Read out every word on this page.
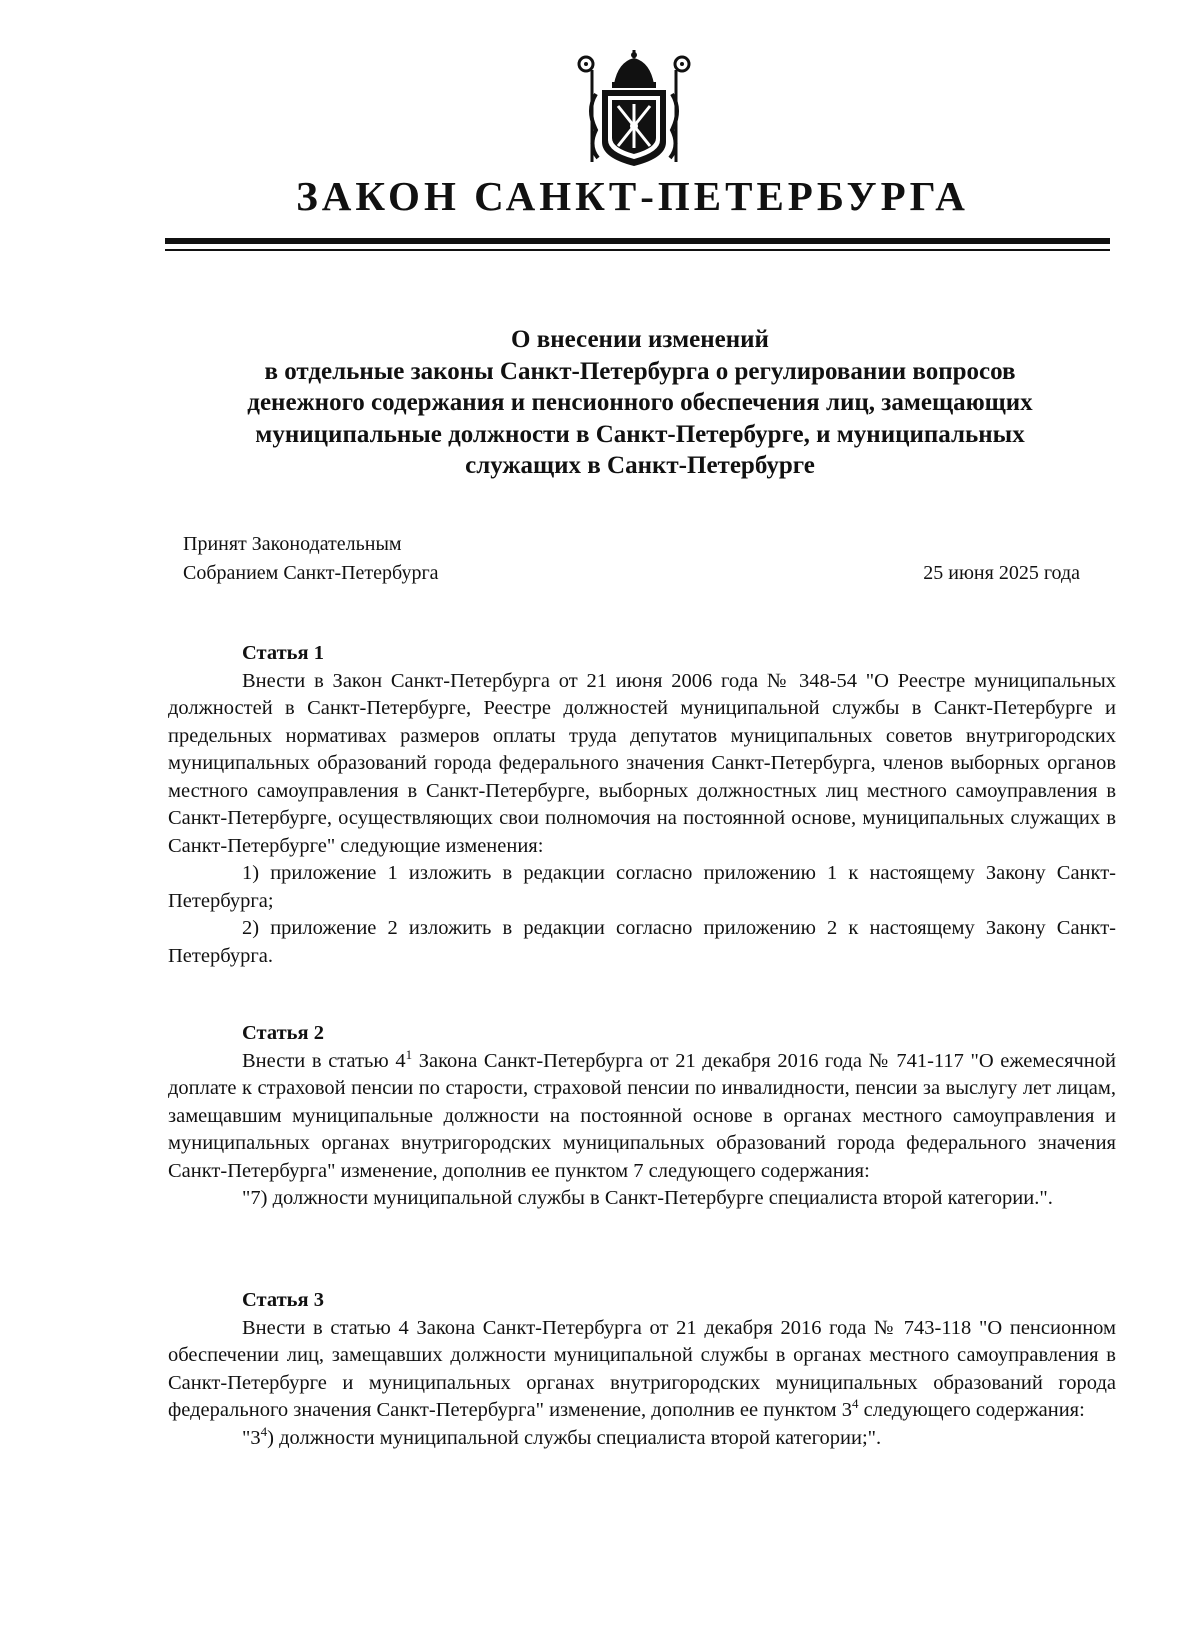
ЗАКОН САНКТ-ПЕТЕРБУРГА
О внесении изменений
в отдельные законы Санкт-Петербурга о регулировании вопросов
денежного содержания и пенсионного обеспечения лиц, замещающих
муниципальные должности в Санкт-Петербурге, и муниципальных
служащих в Санкт-Петербурге
Принят Законодательным
Собранием Санкт-Петербурга	25 июня 2025 года
Статья 1

Внести в Закон Санкт-Петербурга от 21 июня 2006 года № 348-54 "О Реестре муниципальных должностей в Санкт-Петербурге, Реестре должностей муниципальной службы в Санкт-Петербурге и предельных нормативах размеров оплаты труда депутатов муниципальных советов внутригородских муниципальных образований города федерального значения Санкт-Петербурга, членов выборных органов местного самоуправления в Санкт-Петербурге, выборных должностных лиц местного самоуправления в Санкт-Петербурге, осуществляющих свои полномочия на постоянной основе, муниципальных служащих в Санкт-Петербурге" следующие изменения:

1) приложение 1 изложить в редакции согласно приложению 1 к настоящему Закону Санкт-Петербурга;

2) приложение 2 изложить в редакции согласно приложению 2 к настоящему Закону Санкт-Петербурга.

Статья 2

Внести в статью $4^1$ Закона Санкт-Петербурга от 21 декабря 2016 года № 741-117 "О ежемесячной доплате к страховой пенсии по старости, страховой пенсии по инвалидности, пенсии за выслугу лет лицам, замещавшим муниципальные должности на постоянной основе в органах местного самоуправления и муниципальных органах внутригородских муниципальных образований города федерального значения Санкт-Петербурга" изменение, дополнив ее пунктом 7 следующего содержания:

"7) должности муниципальной службы в Санкт-Петербурге специалиста второй категории.".

Статья 3

Внести в статью 4 Закона Санкт-Петербурга от 21 декабря 2016 года № 743-118 "О пенсионном обеспечении лиц, замещавших должности муниципальной службы в органах местного самоуправления в Санкт-Петербурге и муниципальных органах внутригородских муниципальных образований города федерального значения Санкт-Петербурга" изменение, дополнив ее пунктом $3^4$ следующего содержания:

"$3^4$) должности муниципальной службы специалиста второй категории;".
